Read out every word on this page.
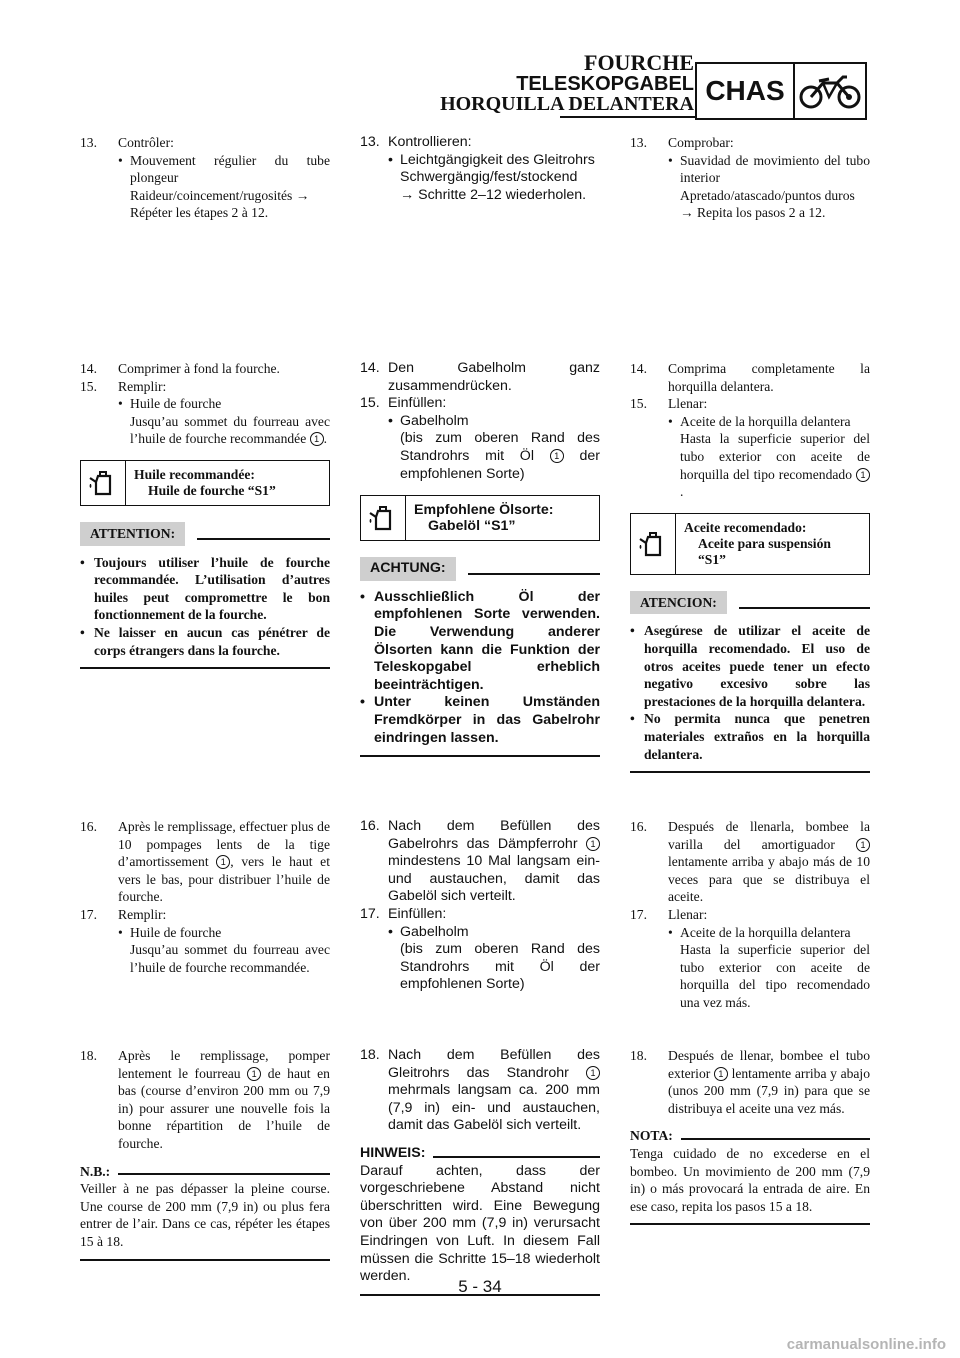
FOURCHE
TELESKOPGABEL
HORQUILLA DELANTERA CHAS
13.	Contrôler:
• Mouvement régulier du tube plongeur
Raideur/coincement/rugosités →
Répéter les étapes 2 à 12.
14.	Comprimer à fond la fourche.
15.	Remplir:
• Huile de fourche
Jusqu’au sommet du fourreau avec l’huile de fourche recommandée 1 .
Huile recommandée:
Huile de fourche “S1”
ATTENTION:
• Toujours utiliser l’huile de fourche recommandée. L’utilisation d’autres huiles peut compromettre le bon fonctionnement de la fourche.
• Ne laisser en aucun cas pénétrer de corps étrangers dans la fourche.
16.	Après le remplissage, effectuer plus de 10 pompages lents de la tige d’amortissement 1 , vers le haut et vers le bas, pour distribuer l’huile de fourche.
17.	Remplir:
• Huile de fourche
Jusqu’au sommet du fourreau avec l’huile de fourche recommandée.
18.	Après le remplissage, pomper lentement le fourreau 1 de haut en bas (course d’environ 200 mm ou 7,9 in) pour assurer une nouvelle fois la bonne répartition de l’huile de fourche.
N.B.:
Veiller à ne pas dépasser la pleine course. Une course de 200 mm (7,9 in) ou plus fera entrer de l’air. Dans ce cas, répéter les étapes 15 à 18.
13. Kontrollieren:
• Leichtgängigkeit des Gleitrohrs
Schwergängig/fest/stockend
→ Schritte 2–12 wiederholen.
14. Den Gabelholm ganz zusammendrücken.
15. Einfüllen:
• Gabelholm
(bis zum oberen Rand des Standrohrs mit Öl 1 der empfohlenen Sorte)
Empfohlene Ölsorte:
Gabelöl “S1”
ACHTUNG:
• Ausschließlich Öl der empfohlenen Sorte verwenden. Die Verwendung anderer Ölsorten kann die Funktion der Teleskopgabel erheblich beeinträchtigen.
• Unter keinen Umständen Fremdkörper in das Gabelrohr eindringen lassen.
16. Nach dem Befüllen des Gabelrohrs das Dämpferrohr 1 mindestens 10 Mal langsam ein- und austauchen, damit das Gabelöl sich verteilt.
17. Einfüllen:
• Gabelholm
(bis zum oberen Rand des Standrohrs mit Öl der empfohlenen Sorte)
18. Nach dem Befüllen des Gleitrohrs das Standrohr 1 mehrmals langsam ca. 200 mm (7,9 in) ein- und austauchen, damit das Gabelöl sich verteilt.
HINWEIS:
Darauf achten, dass der vorgeschriebene Abstand nicht überschritten wird. Eine Bewegung von über 200 mm (7,9 in) verursacht Eindringen von Luft. In diesem Fall müssen die Schritte 15–18 wiederholt werden.
13.	Comprobar:
• Suavidad de movimiento del tubo interior
Apretado/atascado/puntos duros
→ Repita los pasos 2 a 12.
14.	Comprima completamente la horquilla delantera.
15.	Llenar:
• Aceite de la horquilla delantera
Hasta la superficie superior del tubo exterior con aceite de horquilla del tipo recomendado 1.
Aceite recomendado:
Aceite para suspensión
“S1”
ATENCION:
• Asegúrese de utilizar el aceite de horquilla recomendado. El uso de otros aceites puede tener un efecto negativo excesivo sobre las prestaciones de la horquilla delantera.
• No permita nunca que penetren materiales extraños en la horquilla delantera.
16.	Después de llenarla, bombee la varilla del amortiguador	1 lentamente arriba y abajo más de 10 veces para que se distribuya el aceite.
17.	Llenar:
• Aceite de la horquilla delantera
Hasta la superficie superior del tubo exterior con aceite de horquilla del tipo recomendado una vez más.
18.	Después de llenar, bombee el tubo exterior 1 lentamente arriba y abajo (unos 200 mm (7,9 in) para que se distribuya el aceite una vez más.
NOTA:
Tenga cuidado de no excederse en el bombeo. Un movimiento de 200 mm (7,9 in) o más provocará la entrada de aire. En ese caso, repita los pasos 15 a 18.
5 - 34
carmanualsonline.info
